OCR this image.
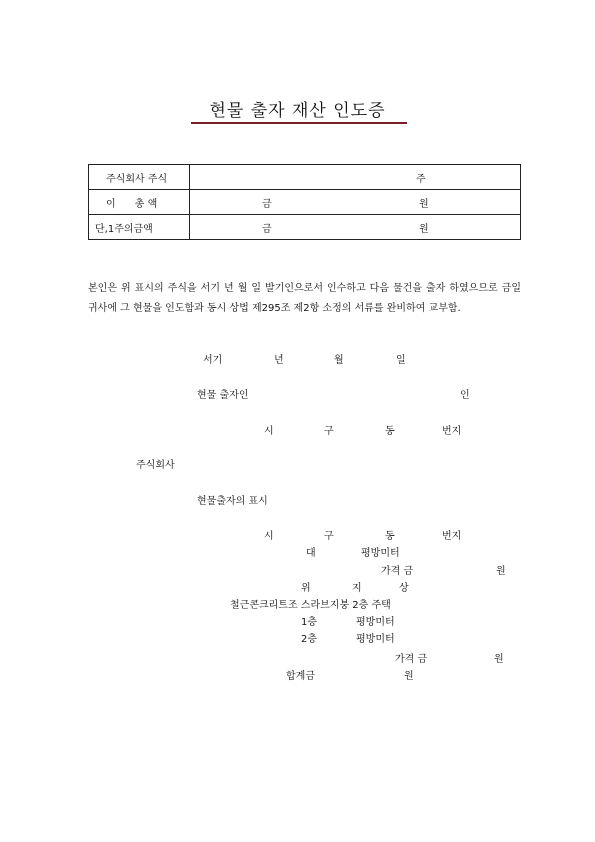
현물 출자 재산 인도증
주식회사 주식	주

이      총 액	금 원

단,1주의금액	금 원
본인은 위 표시의 주식을 서기 년 월 일 발기인으로서 인수하고 다음 물건을 출자 하였으므로 금일 귀사에 그 현물을 인도함과 동시 상법 제295조 제2항 소정의 서류를 완비하여 교부함.
서기	년	월	일
현물 출자인	인
시	구	동	번지
주식회사
현물출자의 표시
시	구	동	번지
대	평방미터
가격 금	원
위	지	상
철근콘크리트조 스라브지붕 2층 주택
1층	평방미터
2층	평방미터
가격 금	원
합계금	원
